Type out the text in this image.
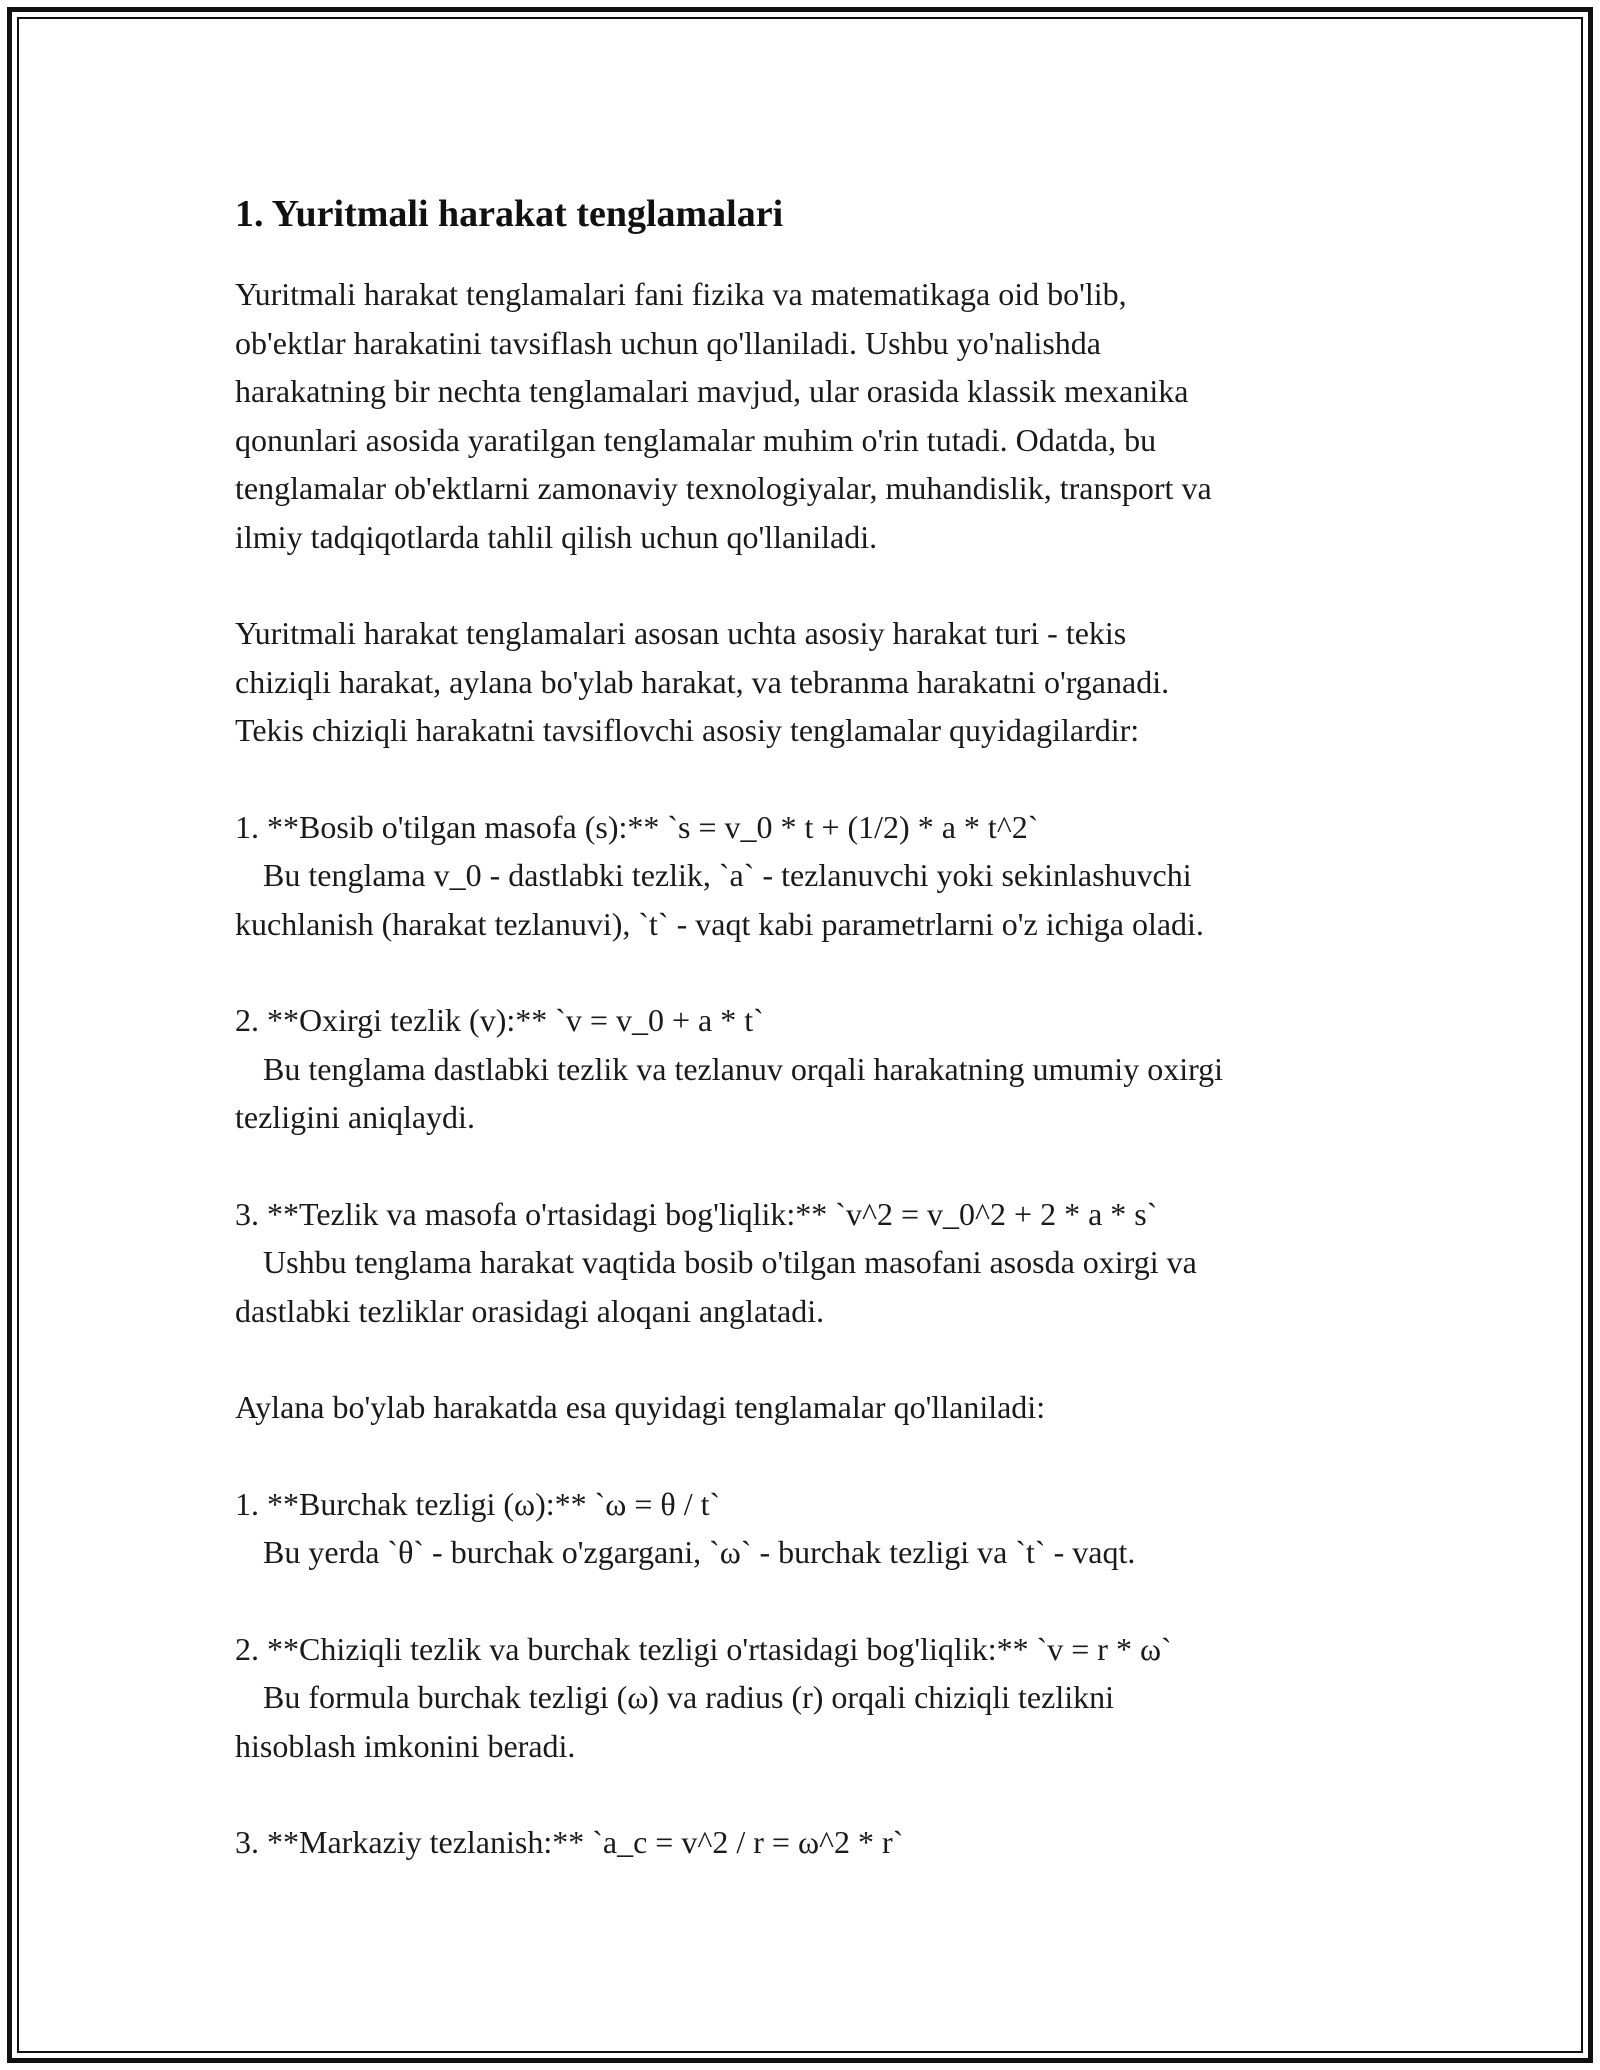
1. Yuritmali harakat tenglamalari

Yuritmali harakat tenglamalari fani fizika va matematikaga oid bo'lib,
ob'ektlar harakatini tavsiflash uchun qo'llaniladi. Ushbu yo'nalishda
harakatning bir nechta tenglamalari mavjud, ular orasida klassik mexanika
qonunlari asosida yaratilgan tenglamalar muhim o'rin tutadi. Odatda, bu
tenglamalar ob'ektlarni zamonaviy texnologiyalar, muhandislik, transport va
ilmiy tadqiqotlarda tahlil qilish uchun qo'llaniladi.

Yuritmali harakat tenglamalari asosan uchta asosiy harakat turi - tekis
chiziqli harakat, aylana bo'ylab harakat, va tebranma harakatni o'rganadi.
Tekis chiziqli harakatni tavsiflovchi asosiy tenglamalar quyidagilardir:

1. **Bosib o'tilgan masofa (s):** `s = v_0 * t + (1/2) * a * t^2`
Bu tenglama v_0 - dastlabki tezlik, `a` - tezlanuvchi yoki sekinlashuvchi
kuchlanish (harakat tezlanuvi), `t` - vaqt kabi parametrlarni o'z ichiga oladi.

2. **Oxirgi tezlik (v):** `v = v_0 + a * t`
Bu tenglama dastlabki tezlik va tezlanuv orqali harakatning umumiy oxirgi
tezligini aniqlaydi.

3. **Tezlik va masofa o'rtasidagi bog'liqlik:** `v^2 = v_0^2 + 2 * a * s`
Ushbu tenglama harakat vaqtida bosib o'tilgan masofani asosda oxirgi va
dastlabki tezliklar orasidagi aloqani anglatadi.

Aylana bo'ylab harakatda esa quyidagi tenglamalar qo'llaniladi:

1. **Burchak tezligi (ω):** `ω = θ / t`
Bu yerda `θ` - burchak o'zgargani, `ω` - burchak tezligi va `t` - vaqt.

2. **Chiziqli tezlik va burchak tezligi o'rtasidagi bog'liqlik:** `v = r * ω`
Bu formula burchak tezligi (ω) va radius (r) orqali chiziqli tezlikni
hisoblash imkonini beradi.

3. **Markaziy tezlanish:** `a_c = v^2 / r = ω^2 * r`
